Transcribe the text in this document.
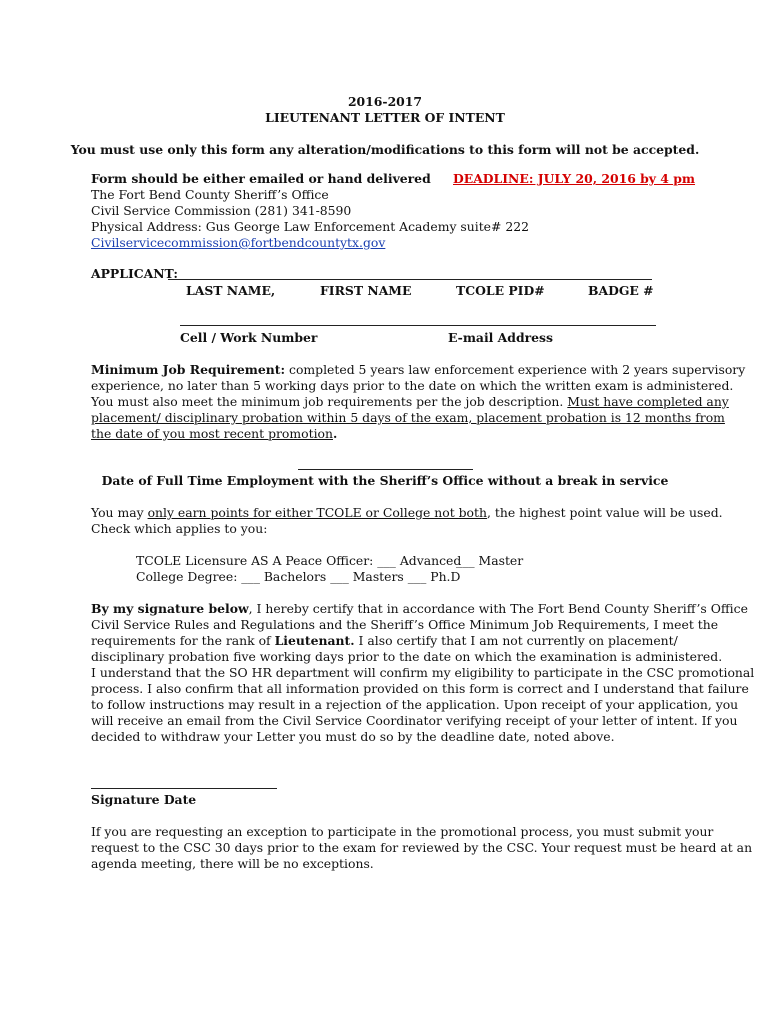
2016-2017
LIEUTENANT LETTER OF INTENT
You must use only this form any alteration/modifications to this form will not be accepted.
Form should be either emailed or hand delivered DEADLINE: JULY 20, 2016 by 4 pm
The Fort Bend County Sheriff’s Office
Civil Service Commission (281) 341-8590
Physical Address: Gus George Law Enforcement Academy suite# 222
Civilservicecommission@fortbendcountytx.gov
APPLICANT:
LAST NAME,	FIRST NAME	TCOLE PID#	BADGE #
Cell / Work Number	E-mail Address
Minimum Job Requirement: completed 5 years law enforcement experience with 2 years supervisory
experience, no later than 5 working days prior to the date on which the written exam is administered.
You must also meet the minimum job requirements per the job description. Must have completed any
placement/ disciplinary probation within 5 days of the exam, placement probation is 12 months from
the date of you most recent promotion.
Date of Full Time Employment with the Sheriff’s Office without a break in service
You may only earn points for either TCOLE or College not both, the highest point value will be used.
Check which applies to you:
TCOLE Licensure AS A Peace Officer: ___ Advanced
___ Master
College Degree: ___ Bachelors ___ Masters ___ Ph.D
By my signature below, I hereby certify that in accordance with The Fort Bend County Sheriff’s Office
Civil Service Rules and Regulations and the Sheriff’s Office Minimum Job Requirements, I meet the
requirements for the rank of Lieutenant. I also certify that I am not currently on placement/
disciplinary probation five working days prior to the date on which the examination is administered.
I understand that the SO HR department will confirm my eligibility to participate in the CSC promotional
process. I also confirm that all information provided on this form is correct and I understand that failure
to follow instructions may result in a rejection of the application. Upon receipt of your application, you
will receive an email from the Civil Service Coordinator verifying receipt of your letter of intent. If you
decided to withdraw your Letter you must do so by the deadline date, noted above.
Signature Date
If you are requesting an exception to participate in the promotional process, you must submit your
request to the CSC 30 days prior to the exam for reviewed by the CSC. Your request must be heard at an
agenda meeting, there will be no exceptions.
